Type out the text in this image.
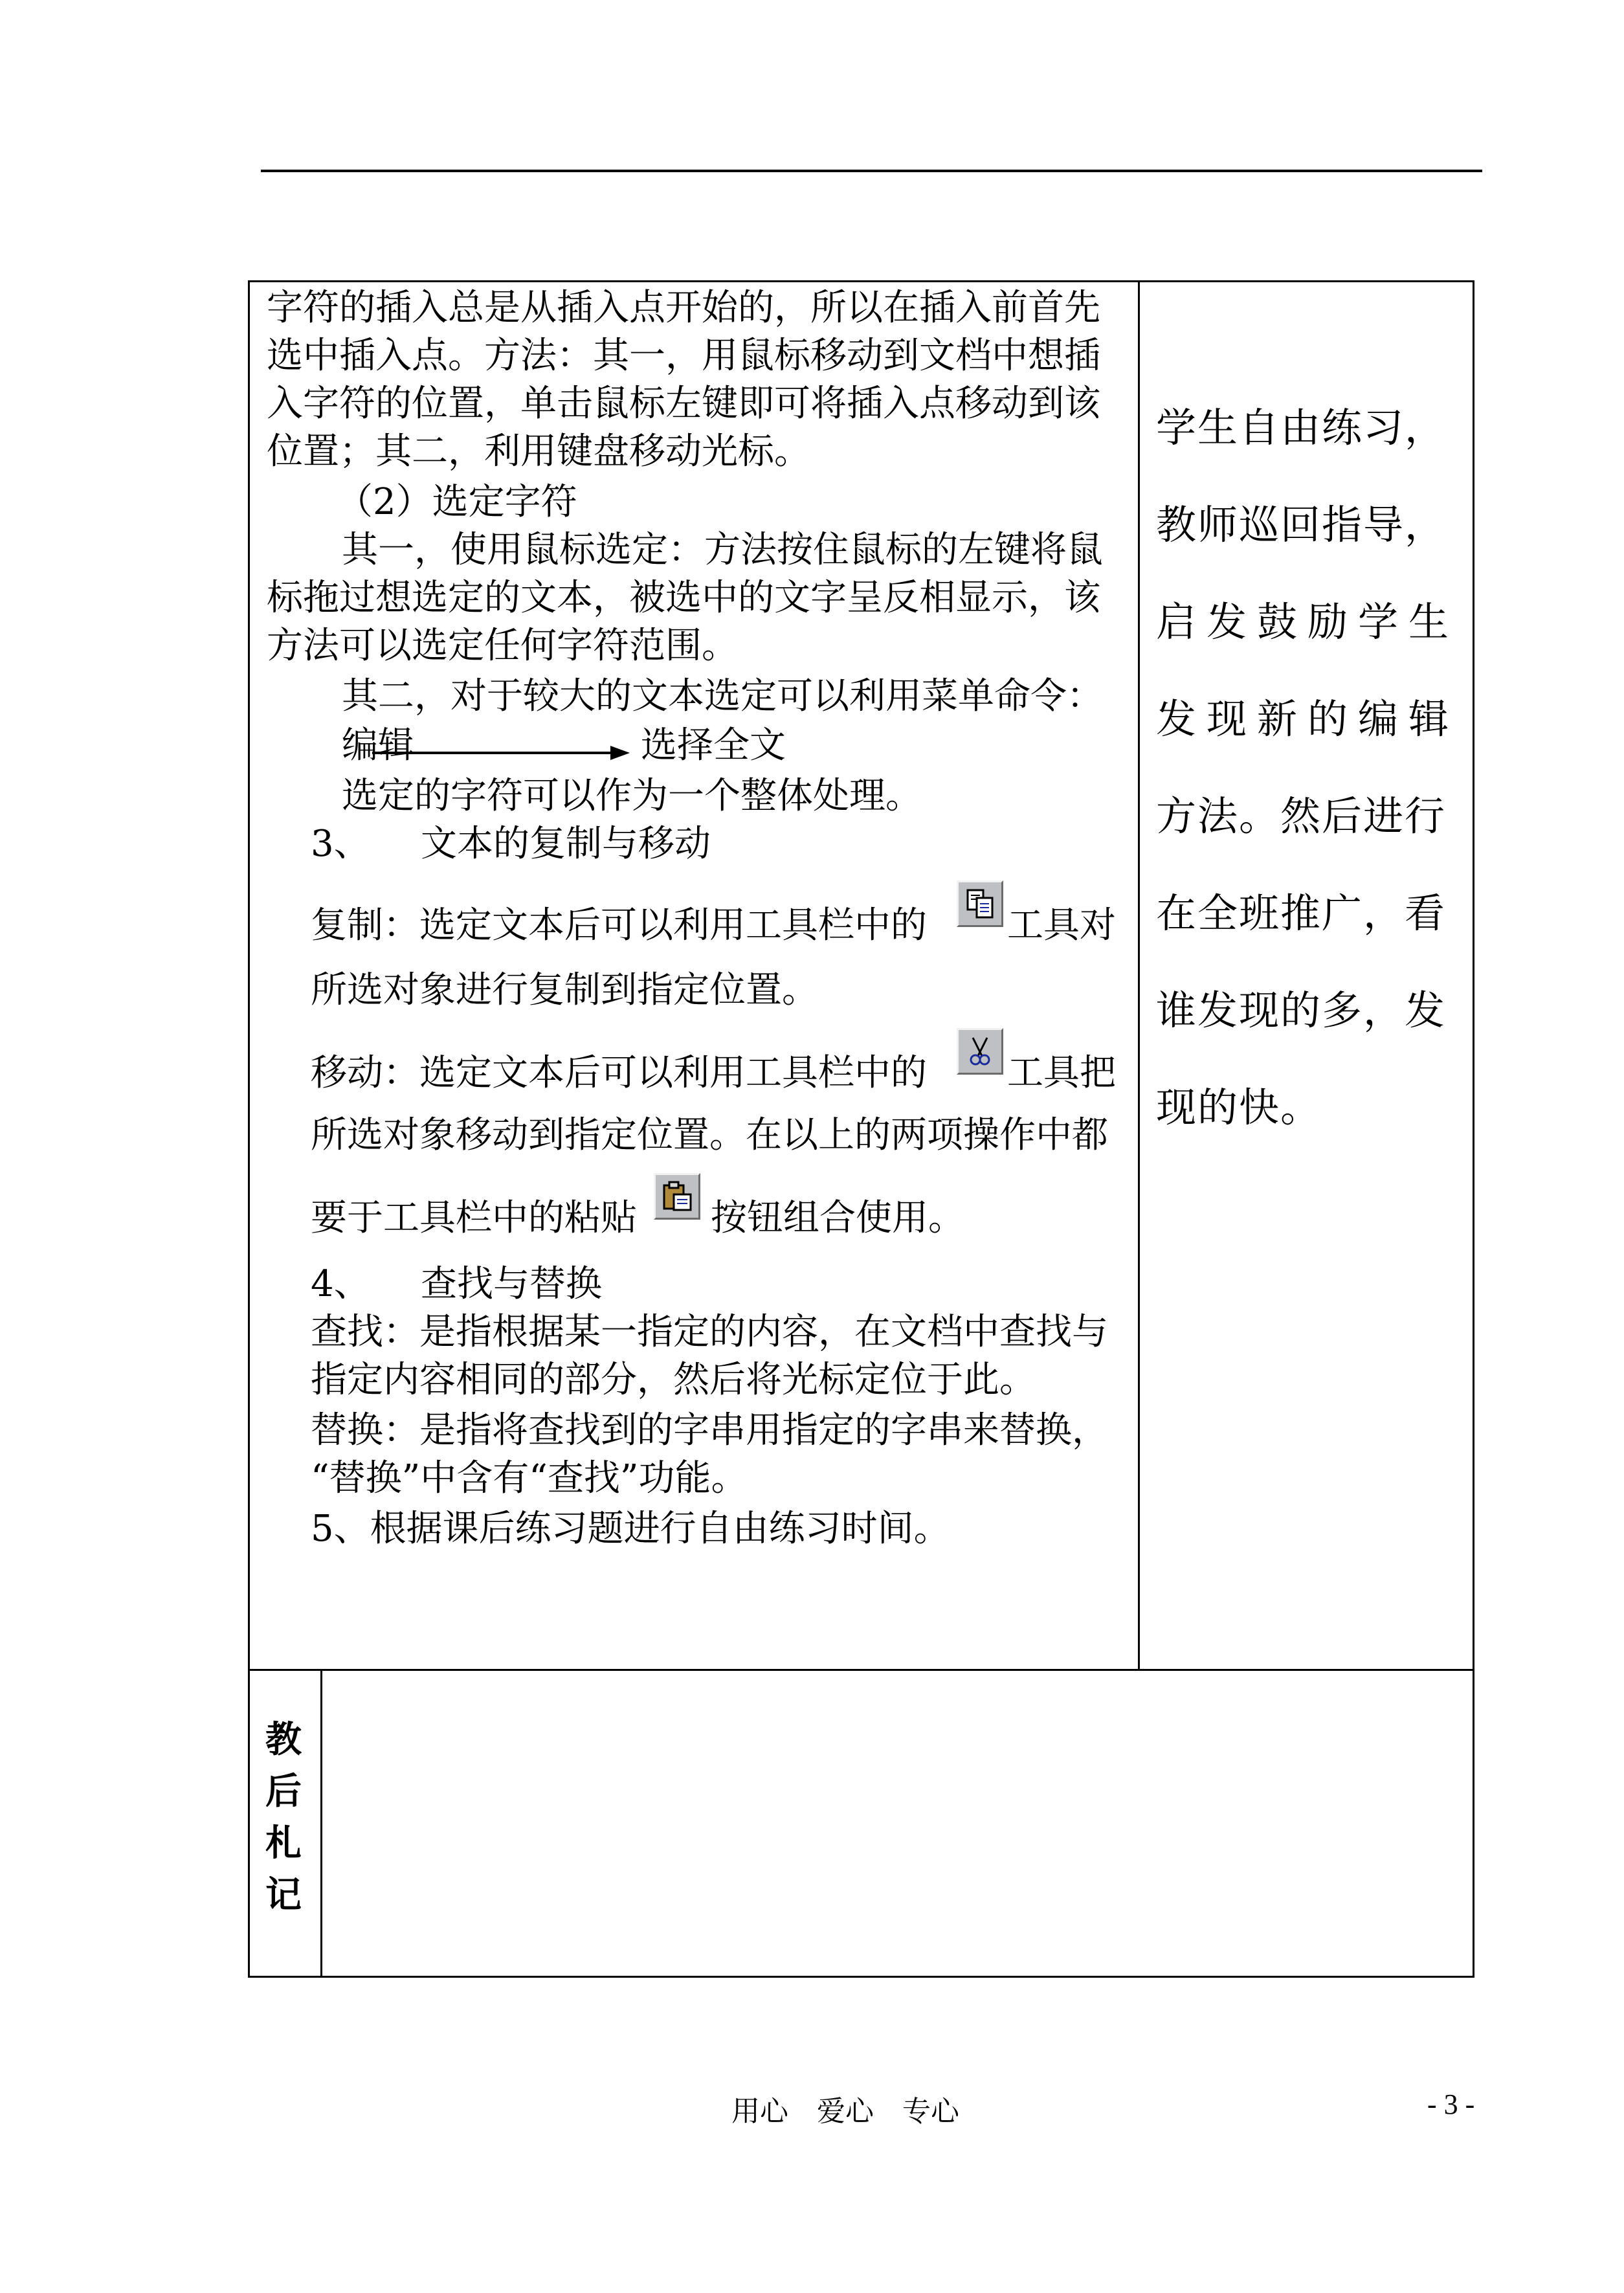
字符的插入总是从插入点开始的，所以在插入前首先
选中插入点。方法：其一，用鼠标移动到文档中想插
入字符的位置，单击鼠标左键即可将插入点移动到该
位置；其二，利用键盘移动光标。
（2）选定字符
其一，使用鼠标选定：方法按住鼠标的左键将鼠
标拖过想选定的文本，被选中的文字呈反相显示，该
方法可以选定任何字符范围。
其二，对于较大的文本选定可以利用菜单命令：
编辑	选择全文
选定的字符可以作为一个整体处理。
3、 文本的复制与移动
复制：选定文本后可以利用工具栏中的 工具对
所选对象进行复制到指定位置。
移动：选定文本后可以利用工具栏中的 工具把
所选对象移动到指定位置。在以上的两项操作中都
要于工具栏中的粘贴 按钮组合使用。
4、 查找与替换
查找：是指根据某一指定的内容，在文档中查找与
指定内容相同的部分，然后将光标定位于此。
替换：是指将查找到的字串用指定的字串来替换，
“替换”中含有“查找”功能。
5、根据课后练习题进行自由练习时间。
学生自由练习，
教师巡回指导，
启发鼓励学生
发现新的编辑
方法。然后进行
在全班推广，看
谁发现的多，发
现的快。
教
后
札
记
用心 爱心 专心	- 3 -
